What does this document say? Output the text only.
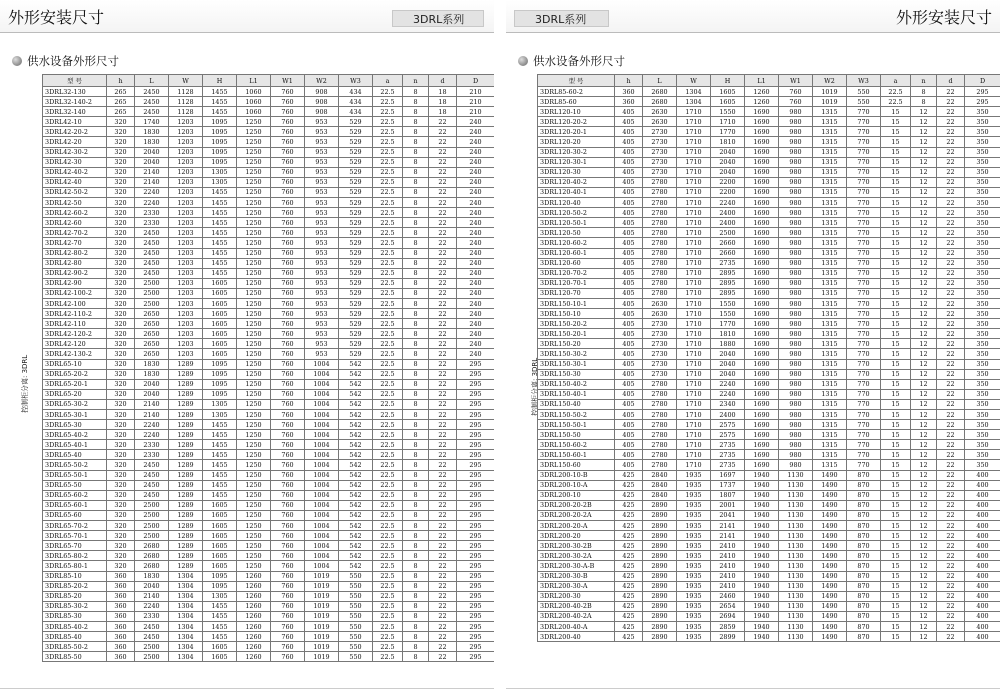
外形安装尺寸	3DRL系列
供水设备外形尺寸
控制柜分离: 3DRL
型 号	h	L	W	H	L1	W1	W2	W3	a	n	d	D
3DRL32-130	265	2450	1128	1455	1060	760	908	434	22.5	8	18	210
3DRL32-140-2	265	2450	1128	1455	1060	760	908	434	22.5	8	18	210
3DRL32-140	265	2450	1128	1455	1060	760	908	434	22.5	8	18	210
3DRL42-10	320	1740	1203	1095	1250	760	953	529	22.5	8	22	240
3DRL42-20-2	320	1830	1203	1095	1250	760	953	529	22.5	8	22	240
3DRL42-20	320	1830	1203	1095	1250	760	953	529	22.5	8	22	240
3DRL42-30-2	320	2040	1203	1095	1250	760	953	529	22.5	8	22	240
3DRL42-30	320	2040	1203	1095	1250	760	953	529	22.5	8	22	240
3DRL42-40-2	320	2140	1203	1305	1250	760	953	529	22.5	8	22	240
3DRL42-40	320	2140	1203	1305	1250	760	953	529	22.5	8	22	240
3DRL42-50-2	320	2240	1203	1455	1250	760	953	529	22.5	8	22	240
3DRL42-50	320	2240	1203	1455	1250	760	953	529	22.5	8	22	240
3DRL42-60-2	320	2330	1203	1455	1250	760	953	529	22.5	8	22	240
3DRL42-60	320	2330	1203	1455	1250	760	953	529	22.5	8	22	240
3DRL42-70-2	320	2450	1203	1455	1250	760	953	529	22.5	8	22	240
3DRL42-70	320	2450	1203	1455	1250	760	953	529	22.5	8	22	240
3DRL42-80-2	320	2450	1203	1455	1250	760	953	529	22.5	8	22	240
3DRL42-80	320	2450	1203	1455	1250	760	953	529	22.5	8	22	240
3DRL42-90-2	320	2450	1203	1455	1250	760	953	529	22.5	8	22	240
3DRL42-90	320	2500	1203	1605	1250	760	953	529	22.5	8	22	240
3DRL42-100-2	320	2500	1203	1605	1250	760	953	529	22.5	8	22	240
3DRL42-100	320	2500	1203	1605	1250	760	953	529	22.5	8	22	240
3DRL42-110-2	320	2650	1203	1605	1250	760	953	529	22.5	8	22	240
3DRL42-110	320	2650	1203	1605	1250	760	953	529	22.5	8	22	240
3DRL42-120-2	320	2650	1203	1605	1250	760	953	529	22.5	8	22	240
3DRL42-120	320	2650	1203	1605	1250	760	953	529	22.5	8	22	240
3DRL42-130-2	320	2650	1203	1605	1250	760	953	529	22.5	8	22	240
3DRL65-10	320	1830	1289	1095	1250	760	1004	542	22.5	8	22	295
3DRL65-20-2	320	1830	1289	1095	1250	760	1004	542	22.5	8	22	295
3DRL65-20-1	320	2040	1289	1095	1250	760	1004	542	22.5	8	22	295
3DRL65-20	320	2040	1289	1095	1250	760	1004	542	22.5	8	22	295
3DRL65-30-2	320	2140	1289	1305	1250	760	1004	542	22.5	8	22	295
3DRL65-30-1	320	2140	1289	1305	1250	760	1004	542	22.5	8	22	295
3DRL65-30	320	2240	1289	1455	1250	760	1004	542	22.5	8	22	295
3DRL65-40-2	320	2240	1289	1455	1250	760	1004	542	22.5	8	22	295
3DRL65-40-1	320	2330	1289	1455	1250	760	1004	542	22.5	8	22	295
3DRL65-40	320	2330	1289	1455	1250	760	1004	542	22.5	8	22	295
3DRL65-50-2	320	2450	1289	1455	1250	760	1004	542	22.5	8	22	295
3DRL65-50-1	320	2450	1289	1455	1250	760	1004	542	22.5	8	22	295
3DRL65-50	320	2450	1289	1455	1250	760	1004	542	22.5	8	22	295
3DRL65-60-2	320	2450	1289	1455	1250	760	1004	542	22.5	8	22	295
3DRL65-60-1	320	2500	1289	1605	1250	760	1004	542	22.5	8	22	295
3DRL65-60	320	2500	1289	1605	1250	760	1004	542	22.5	8	22	295
3DRL65-70-2	320	2500	1289	1605	1250	760	1004	542	22.5	8	22	295
3DRL65-70-1	320	2500	1289	1605	1250	760	1004	542	22.5	8	22	295
3DRL65-70	320	2680	1289	1605	1250	760	1004	542	22.5	8	22	295
3DRL65-80-2	320	2680	1289	1605	1250	760	1004	542	22.5	8	22	295
3DRL65-80-1	320	2680	1289	1605	1250	760	1004	542	22.5	8	22	295
3DRL85-10	360	1830	1304	1095	1260	760	1019	550	22.5	8	22	295
3DRL85-20-2	360	2040	1304	1095	1260	760	1019	550	22.5	8	22	295
3DRL85-20	360	2140	1304	1305	1260	760	1019	550	22.5	8	22	295
3DRL85-30-2	360	2240	1304	1455	1260	760	1019	550	22.5	8	22	295
3DRL85-30	360	2330	1304	1455	1260	760	1019	550	22.5	8	22	295
3DRL85-40-2	360	2450	1304	1455	1260	760	1019	550	22.5	8	22	295
3DRL85-40	360	2450	1304	1455	1260	760	1019	550	22.5	8	22	295
3DRL85-50-2	360	2500	1304	1605	1260	760	1019	550	22.5	8	22	295
3DRL85-50	360	2500	1304	1605	1260	760	1019	550	22.5	8	22	295
3DRL系列	外形安装尺寸
供水设备外形尺寸
控制柜分离: 3DRL
型 号	h	L	W	H	L1	W1	W2	W3	a	n	d	D
3DRL85-60-2	360	2680	1304	1605	1260	760	1019	550	22.5	8	22	295
3DRL85-60	360	2680	1304	1605	1260	760	1019	550	22.5	8	22	295
3DRL120-10	405	2630	1710	1550	1690	980	1315	770	15	12	22	350
3DRL120-20-2	405	2630	1710	1710	1690	980	1315	770	15	12	22	350
3DRL120-20-1	405	2730	1710	1770	1690	980	1315	770	15	12	22	350
3DRL120-20	405	2730	1710	1810	1690	980	1315	770	15	12	22	350
3DRL120-30-2	405	2730	1710	2040	1690	980	1315	770	15	12	22	350
3DRL120-30-1	405	2730	1710	2040	1690	980	1315	770	15	12	22	350
3DRL120-30	405	2730	1710	2040	1690	980	1315	770	15	12	22	350
3DRL120-40-2	405	2780	1710	2200	1690	980	1315	770	15	12	22	350
3DRL120-40-1	405	2780	1710	2200	1690	980	1315	770	15	12	22	350
3DRL120-40	405	2780	1710	2240	1690	980	1315	770	15	12	22	350
3DRL120-50-2	405	2780	1710	2400	1690	980	1315	770	15	12	22	350
3DRL120-50-1	405	2780	1710	2400	1690	980	1315	770	15	12	22	350
3DRL120-50	405	2780	1710	2500	1690	980	1315	770	15	12	22	350
3DRL120-60-2	405	2780	1710	2660	1690	980	1315	770	15	12	22	350
3DRL120-60-1	405	2780	1710	2660	1690	980	1315	770	15	12	22	350
3DRL120-60	405	2780	1710	2735	1690	980	1315	770	15	12	22	350
3DRL120-70-2	405	2780	1710	2895	1690	980	1315	770	15	12	22	350
3DRL120-70-1	405	2780	1710	2895	1690	980	1315	770	15	12	22	350
3DRL120-70	405	2780	1710	2895	1690	980	1315	770	15	12	22	350
3DRL150-10-1	405	2630	1710	1550	1690	980	1315	770	15	12	22	350
3DRL150-10	405	2630	1710	1550	1690	980	1315	770	15	12	22	350
3DRL150-20-2	405	2730	1710	1770	1690	980	1315	770	15	12	22	350
3DRL150-20-1	405	2730	1710	1810	1690	980	1315	770	15	12	22	350
3DRL150-20	405	2730	1710	1880	1690	980	1315	770	15	12	22	350
3DRL150-30-2	405	2730	1710	2040	1690	980	1315	770	15	12	22	350
3DRL150-30-1	405	2730	1710	2040	1690	980	1315	770	15	12	22	350
3DRL150-30	405	2730	1710	2040	1690	980	1315	770	15	12	22	350
3DRL150-40-2	405	2780	1710	2240	1690	980	1315	770	15	12	22	350
3DRL150-40-1	405	2780	1710	2240	1690	980	1315	770	15	12	22	350
3DRL150-40	405	2780	1710	2340	1690	980	1315	770	15	12	22	350
3DRL150-50-2	405	2780	1710	2400	1690	980	1315	770	15	12	22	350
3DRL150-50-1	405	2780	1710	2575	1690	980	1315	770	15	12	22	350
3DRL150-50	405	2780	1710	2575	1690	980	1315	770	15	12	22	350
3DRL150-60-2	405	2780	1710	2735	1690	980	1315	770	15	12	22	350
3DRL150-60-1	405	2780	1710	2735	1690	980	1315	770	15	12	22	350
3DRL150-60	405	2780	1710	2735	1690	980	1315	770	15	12	22	350
3DRL200-10-B	425	2840	1935	1697	1940	1130	1490	870	15	12	22	400
3DRL200-10-A	425	2840	1935	1737	1940	1130	1490	870	15	12	22	400
3DRL200-10	425	2840	1935	1807	1940	1130	1490	870	15	12	22	400
3DRL200-20-2B	425	2890	1935	2001	1940	1130	1490	870	15	12	22	400
3DRL200-20-2A	425	2890	1935	2041	1940	1130	1490	870	15	12	22	400
3DRL200-20-A	425	2890	1935	2141	1940	1130	1490	870	15	12	22	400
3DRL200-20	425	2890	1935	2141	1940	1130	1490	870	15	12	22	400
3DRL200-30-2B	425	2890	1935	2410	1940	1130	1490	870	15	12	22	400
3DRL200-30-2A	425	2890	1935	2410	1940	1130	1490	870	15	12	22	400
3DRL200-30-A-B	425	2890	1935	2410	1940	1130	1490	870	15	12	22	400
3DRL200-30-B	425	2890	1935	2410	1940	1130	1490	870	15	12	22	400
3DRL200-30-A	425	2890	1935	2410	1940	1130	1490	870	15	12	22	400
3DRL200-30	425	2890	1935	2460	1940	1130	1490	870	15	12	22	400
3DRL200-40-2B	425	2890	1935	2654	1940	1130	1490	870	15	12	22	400
3DRL200-40-2A	425	2890	1935	2694	1940	1130	1490	870	15	12	22	400
3DRL200-40-A	425	2890	1935	2859	1940	1130	1490	870	15	12	22	400
3DRL200-40	425	2890	1935	2899	1940	1130	1490	870	15	12	22	400
